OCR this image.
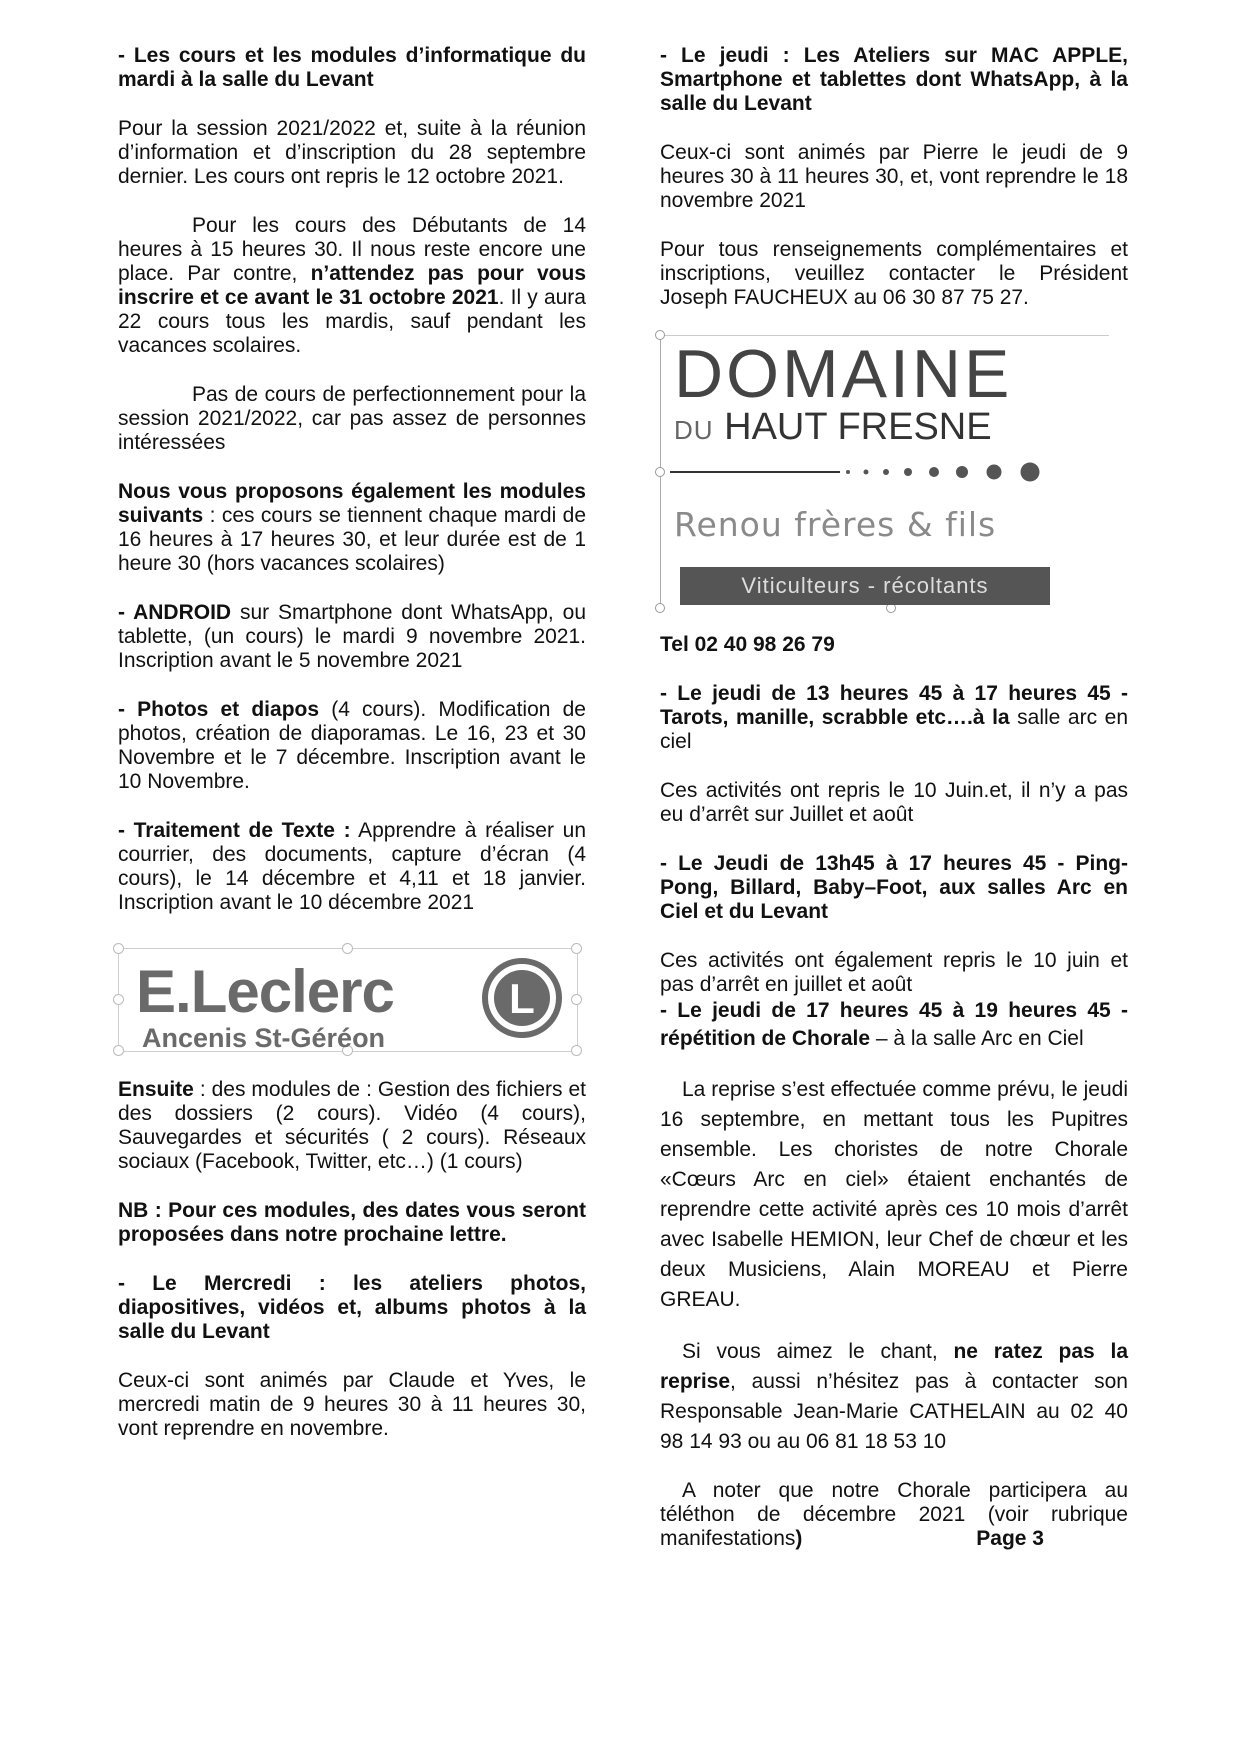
- Les cours et les modules d’informatique du mardi à la salle du Levant

Pour la session 2021/2022 et, suite à la réunion d’information et d’inscription du 28 septembre dernier. Les cours ont repris le 12 octobre 2021.

Pour les cours des Débutants de 14 heures à 15 heures 30. Il nous reste encore une place. Par contre, n’attendez pas pour vous inscrire et ce avant le 31 octobre 2021. Il y aura 22 cours tous les mardis, sauf pendant les vacances scolaires.

Pas de cours de perfectionnement pour la session 2021/2022, car pas assez de personnes intéressées

Nous vous proposons également les modules suivants : ces cours se tiennent chaque mardi de 16 heures à 17 heures 30, et leur durée est de 1 heure 30 (hors vacances scolaires)

- ANDROID sur Smartphone dont WhatsApp, ou tablette, (un cours) le mardi 9 novembre 2021. Inscription avant le 5 novembre 2021

- Photos et diapos (4 cours). Modification de photos, création de diaporamas. Le 16, 23 et 30 Novembre et le 7 décembre. Inscription avant le 10 Novembre.

- Traitement de Texte : Apprendre à réaliser un courrier, des documents, capture d’écran (4 cours), le 14 décembre et 4,11 et 18 janvier. Inscription avant le 10 décembre 2021

E.Leclerc
Ancenis St-Géréon
L

Ensuite : des modules de : Gestion des fichiers et des dossiers (2 cours). Vidéo (4 cours), Sauvegardes et sécurités ( 2 cours). Réseaux sociaux (Facebook, Twitter, etc…) (1 cours)

NB : Pour ces modules, des dates vous seront proposées dans notre prochaine lettre.

- Le Mercredi : les ateliers photos, diapositives, vidéos et, albums photos à la salle du Levant

Ceux-ci sont animés par Claude et Yves, le mercredi matin de 9 heures 30 à 11 heures 30, vont reprendre en novembre.

- Le jeudi : Les Ateliers sur MAC APPLE, Smartphone et tablettes dont WhatsApp, à la salle du Levant

Ceux-ci sont animés par Pierre le jeudi de 9 heures 30 à 11 heures 30, et, vont reprendre le 18 novembre 2021

Pour tous renseignements complémentaires et inscriptions, veuillez contacter le Président Joseph FAUCHEUX au 06 30 87 75 27.

DOMAINE
DU HAUT FRESNE
Renou frères & fils
Viticulteurs - récoltants

Tel 02 40 98 26 79

- Le jeudi de 13 heures 45 à 17 heures 45 - Tarots, manille, scrabble etc….à la salle arc en ciel

Ces activités ont repris le 10 Juin.et, il n’y a pas eu d’arrêt sur Juillet et août

- Le Jeudi de 13h45 à 17 heures 45 - Ping-Pong, Billard, Baby–Foot, aux salles Arc en Ciel et du Levant

Ces activités ont également repris le 10 juin et pas d’arrêt en juillet et août

- Le jeudi de 17 heures 45 à 19 heures 45 - répétition de Chorale – à la salle Arc en Ciel

La reprise s’est effectuée comme prévu, le jeudi 16 septembre, en mettant tous les Pupitres ensemble. Les choristes de notre Chorale «Cœurs Arc en ciel» étaient enchantés de reprendre cette activité après ces 10 mois d’arrêt avec Isabelle HEMION, leur Chef de chœur et les deux Musiciens, Alain MOREAU et Pierre GREAU.

Si vous aimez le chant, ne ratez pas la reprise, aussi n’hésitez pas à contacter son Responsable Jean-Marie CATHELAIN au 02 40 98 14 93 ou au 06 81 18 53 10

A noter que notre Chorale participera au téléthon de décembre 2021 (voir rubrique manifestations)	Page 3
